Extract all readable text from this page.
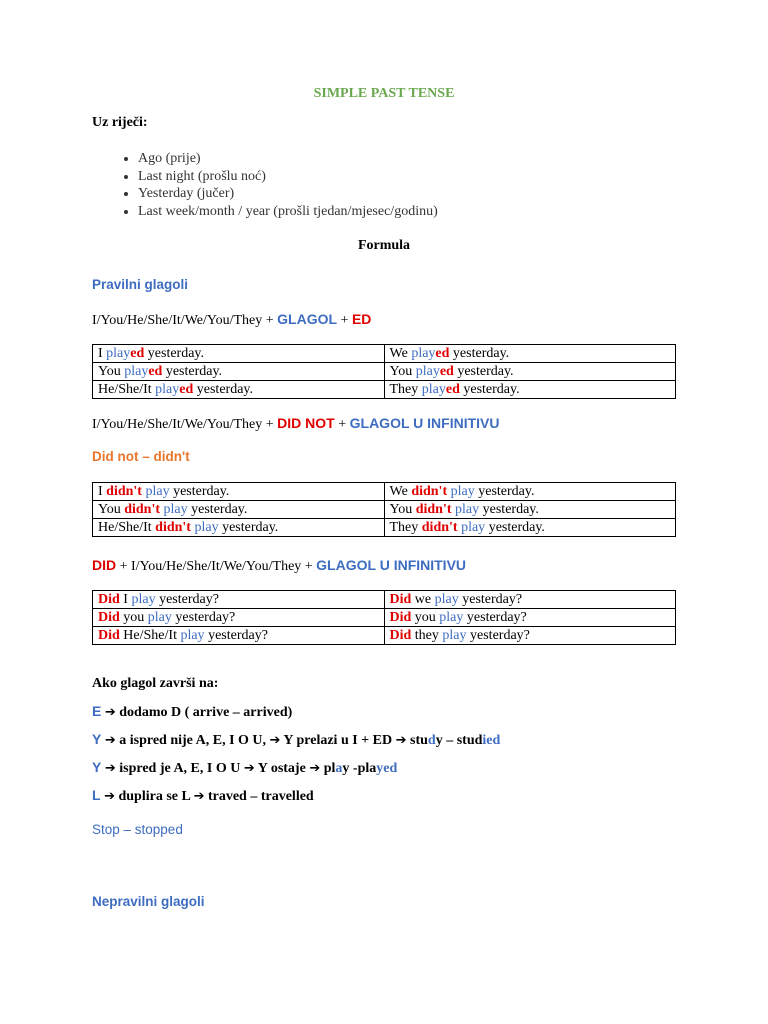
SIMPLE PAST TENSE
Uz riječi:
• Ago (prije)
• Last night (prošlu noć)
• Yesterday (jučer)
• Last week/month / year (prošli tjedan/mjesec/godinu)
Formula
Pravilni glagoli
I/You/He/She/It/We/You/They + GLAGOL + ED
I played yesterday.	We played yesterday.
You played yesterday.	You played yesterday.
He/She/It played yesterday.	They played yesterday.
I/You/He/She/It/We/You/They + DID NOT + GLAGOL U INFINITIVU
Did not – didn't
I didn't play yesterday.	We didn't play yesterday.
You didn't play yesterday.	You didn't play yesterday.
He/She/It didn't play yesterday.	They didn't play yesterday.
DID + I/You/He/She/It/We/You/They + GLAGOL U INFINITIVU
Did I play yesterday?	Did we play yesterday?
Did you play yesterday?	Did you play yesterday?
Did He/She/It play yesterday?	Did they play yesterday?
Ako glagol završi na:
E ➔ dodamo D ( arrive – arrived)
Y ➔ a ispred nije A, E, I O U, ➔ Y prelazi u I + ED ➔ study – studied
Y ➔ ispred je A, E, I O U ➔ Y ostaje ➔ play -played
L ➔ duplira se L ➔ traved – travelled
Stop – stopped
Nepravilni glagoli
